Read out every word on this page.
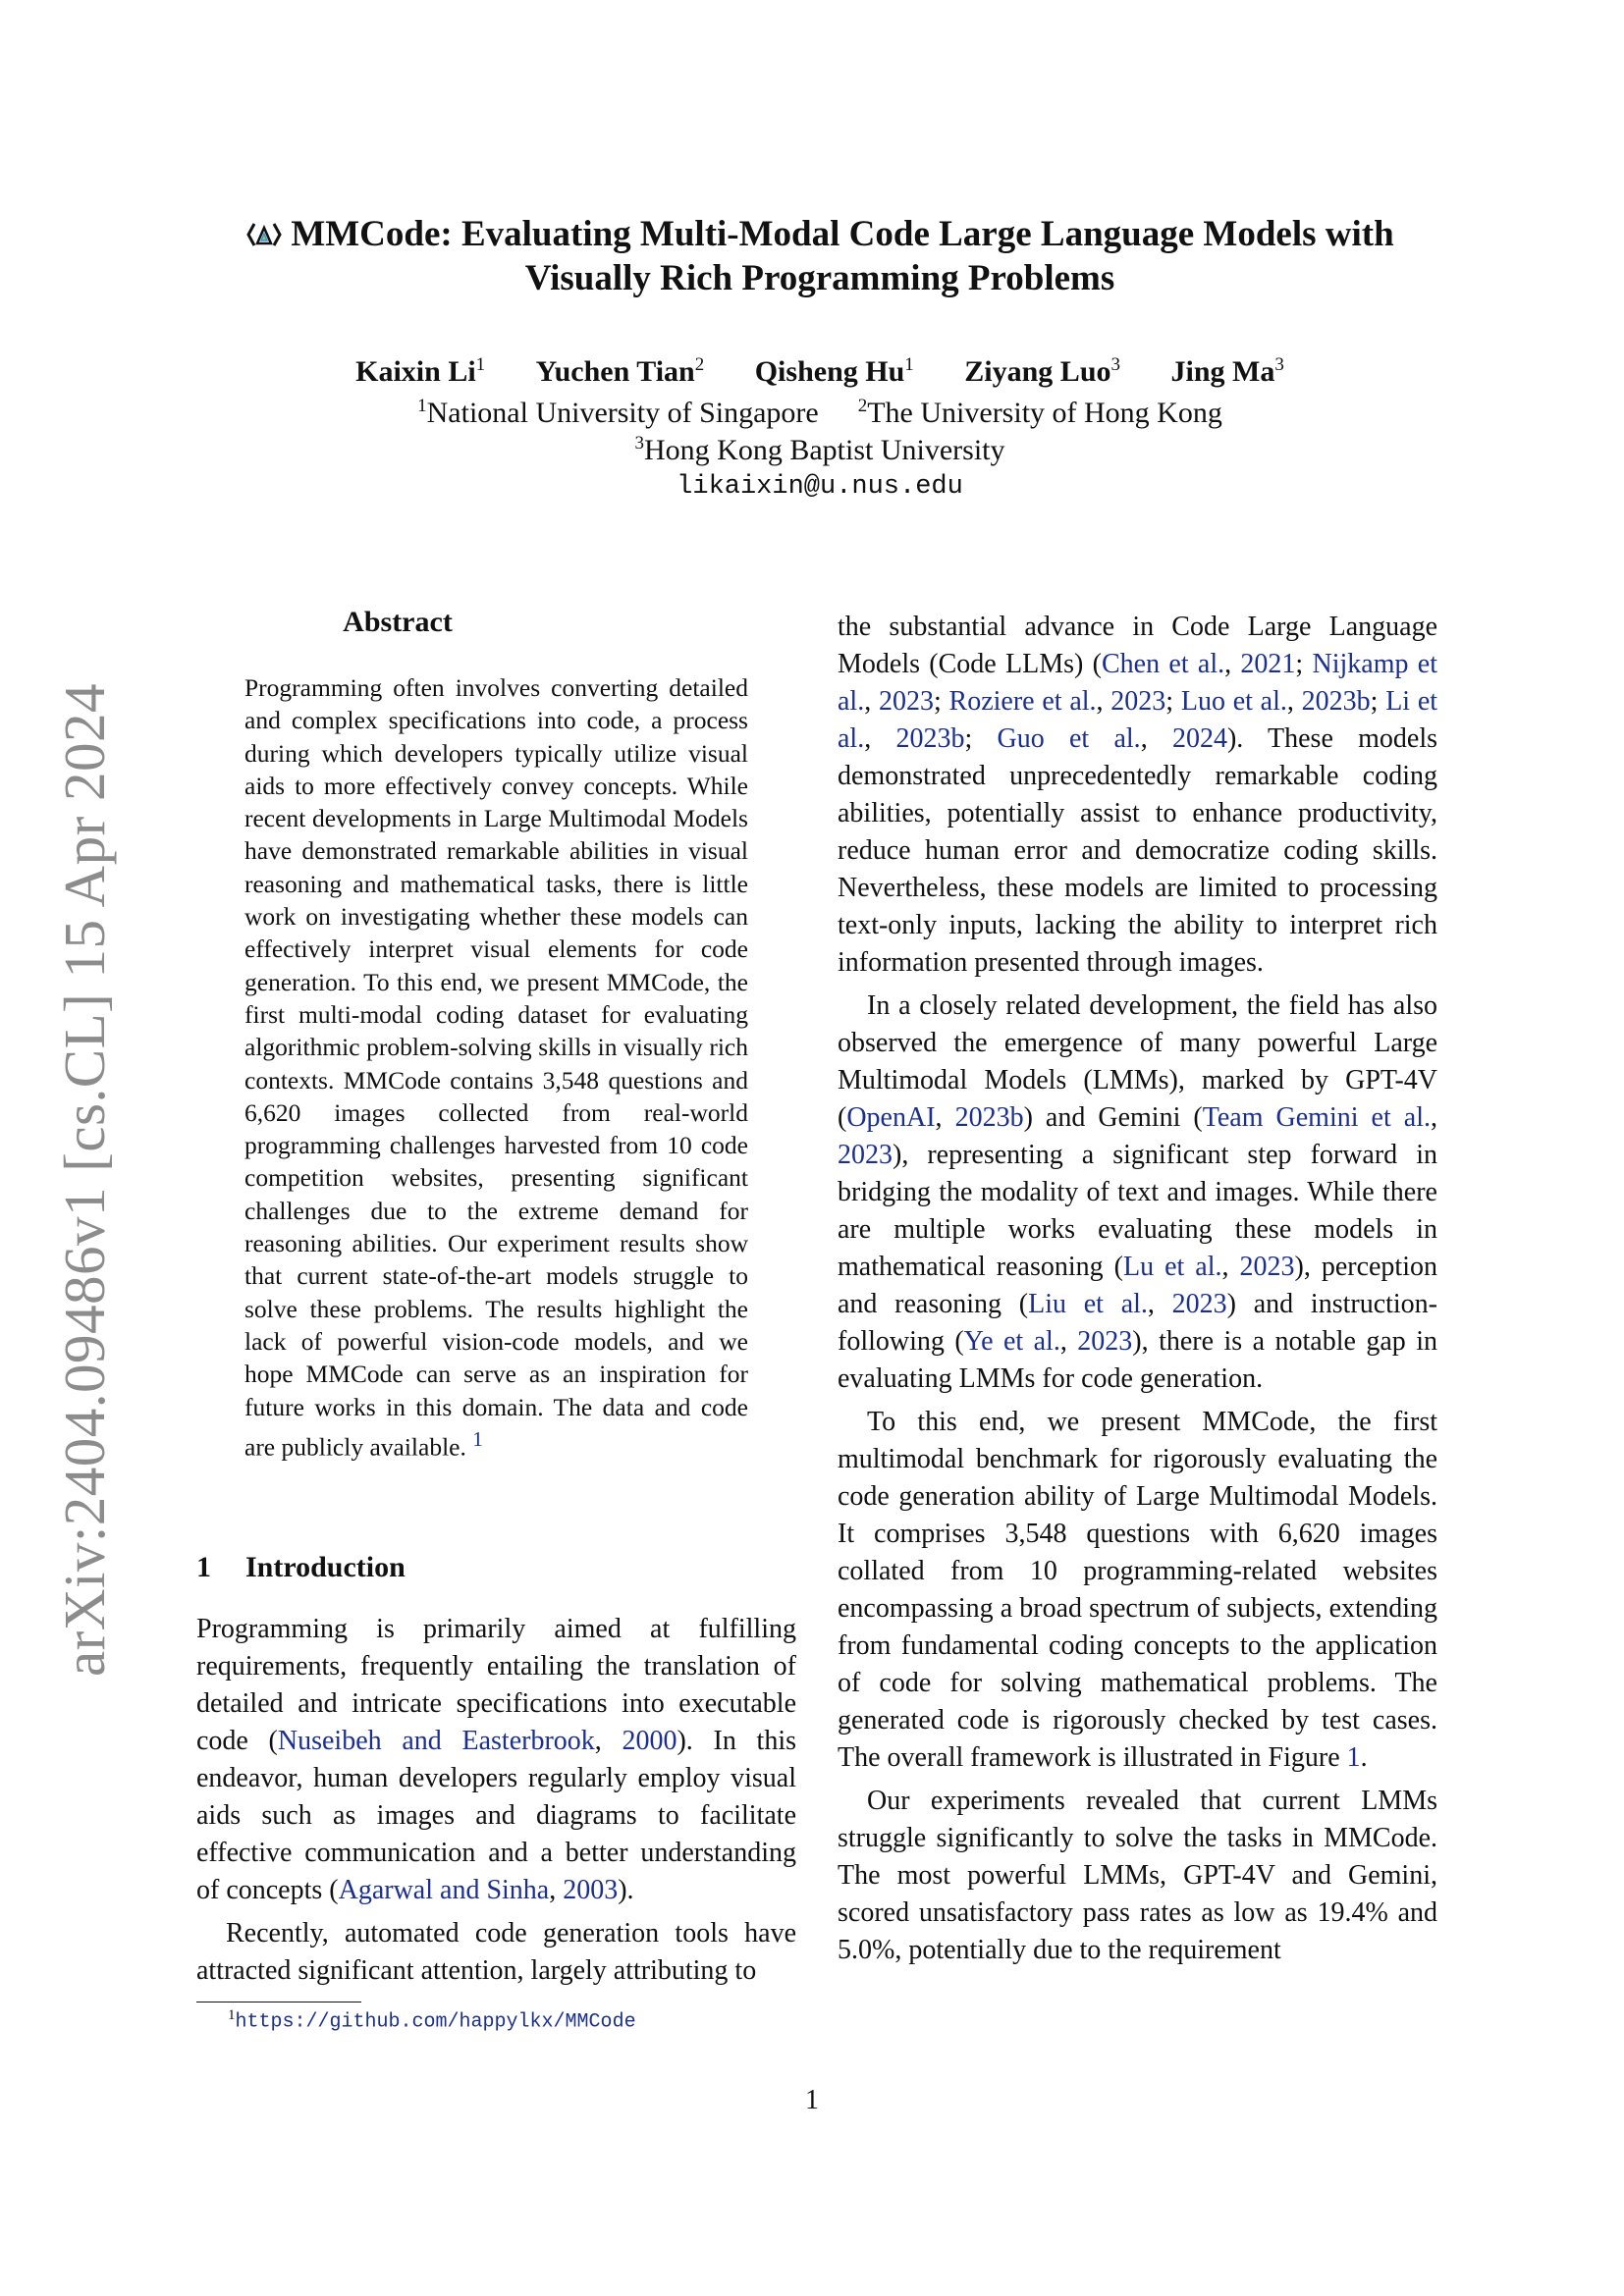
arXiv:2404.09486v1 [cs.CL] 15 Apr 2024
MMCode: Evaluating Multi-Modal Code Large Language Models with
Visually Rich Programming Problems
Kaixin Li$^1$ Yuchen Tian$^2$ Qisheng Hu$^1$ Ziyang Luo$^3$ Jing Ma$^3$
$^1$National University of Singapore $^2$The University of Hong Kong
$^3$Hong Kong Baptist University
likaixin@u.nus.edu
Abstract
Programming often involves converting detailed and complex specifications into code, a process during which developers typically utilize visual aids to more effectively convey concepts. While recent developments in Large Multimodal Models have demonstrated remarkable abilities in visual reasoning and mathematical tasks, there is little work on investigating whether these models can effectively interpret visual elements for code generation. To this end, we present MMCode, the first multi-modal coding dataset for evaluating algorithmic problem-solving skills in visually rich contexts. MMCode contains 3,548 questions and 6,620 images collected from real-world programming challenges harvested from 10 code competition websites, presenting significant challenges due to the extreme demand for reasoning abilities. Our experiment results show that current state-of-the-art models struggle to solve these problems. The results highlight the lack of powerful vision-code models, and we hope MMCode can serve as an inspiration for future works in this domain. The data and code are publicly available. $^1$
1 Introduction

Programming is primarily aimed at fulfilling requirements, frequently entailing the translation of detailed and intricate specifications into executable code (Nuseibeh and Easterbrook, 2000). In this endeavor, human developers regularly employ visual aids such as images and diagrams to facilitate effective communication and a better understanding of concepts (Agarwal and Sinha, 2003).

Recently, automated code generation tools have attracted significant attention, largely attributing to

the substantial advance in Code Large Language Models (Code LLMs) (Chen et al., 2021; Nijkamp et al., 2023; Roziere et al., 2023; Luo et al., 2023b; Li et al., 2023b; Guo et al., 2024). These models demonstrated unprecedentedly remarkable coding abilities, potentially assist to enhance productivity, reduce human error and democratize coding skills. Nevertheless, these models are limited to processing text-only inputs, lacking the ability to interpret rich information presented through images.

In a closely related development, the field has also observed the emergence of many powerful Large Multimodal Models (LMMs), marked by GPT-4V (OpenAI, 2023b) and Gemini (Team Gemini et al., 2023), representing a significant step forward in bridging the modality of text and images. While there are multiple works evaluating these models in mathematical reasoning (Lu et al., 2023), perception and reasoning (Liu et al., 2023) and instruction-following (Ye et al., 2023), there is a notable gap in evaluating LMMs for code generation.

To this end, we present MMCode, the first multimodal benchmark for rigorously evaluating the code generation ability of Large Multimodal Models. It comprises 3,548 questions with 6,620 images collated from 10 programming-related websites encompassing a broad spectrum of subjects, extending from fundamental coding concepts to the application of code for solving mathematical problems. The generated code is rigorously checked by test cases. The overall framework is illustrated in Figure 1.

Our experiments revealed that current LMMs struggle significantly to solve the tasks in MMCode. The most powerful LMMs, GPT-4V and Gemini, scored unsatisfactory pass rates as low as 19.4% and 5.0%, potentially due to the requirement

$^1$https://github.com/happylkx/MMCode
1
